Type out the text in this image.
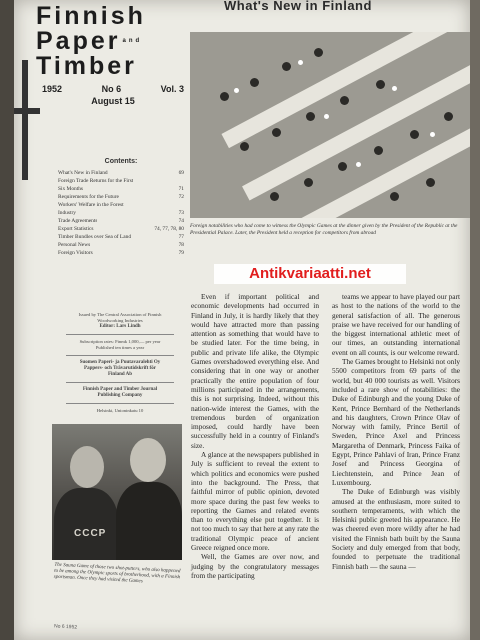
Finnish
Paper $^{and}$
Timber
1952	No 6	Vol. 3
August 15
Contents:
What's New in Finland	69
Foreign Trade Returns for the First
Six Months	71
Requirements for the Future	72
Workers' Welfare in the Forest
Industry	73
Trade Agreements	74
Export Statistics	74, 77, 78, 80
Timber Bundles over Sea of Land	77
Personal News	78
Foreign Visitors	79
Issued by The Central Association of Finnish
Woodworking Industries
Editor: Lars Lindh
Subscription rates: Finmk 1,000,— per year
Published ten times a year
Suomen Paperi- ja Puutavaralehti Oy
Pappers- och Trävarutidskrift för
Finland Ab
Finnish Paper and Timber Journal
Publishing Company
Helsinki, Unioninkatu 10
CCCP
The Sauna Game of those two shot-putters, who also happened to be among the Olympic sports of brotherhood, with a Finnish sportsman. Once they had visited the Games
No 6 1952
What's New in Finland
Foreign notabilities who had come to witness the Olympic Games at the dinner given by the President of the Republic at the Presidential Palace. Later, the President held a reception for competitors from abroad

Even if important political and economic developments had occurred in Finland in July, it is hardly likely that they would have attracted more than passing attention as something that would have to be studied later. For the time being, in public and private life alike, the Olympic Games overshadowed everything else. And considering that in one way or another practically the entire population of four millions participated in the arrangements, this is not surprising. Indeed, without this nation-wide interest the Games, with the tremendous burden of organization imposed, could hardly have been successfully held in a country of Finland's size.

A glance at the newspapers published in July is sufficient to reveal the extent to which politics and economics were pushed into the background. The Press, that faithful mirror of public opinion, devoted more space during the past few weeks to reporting the Games and related events than to everything else put together. It is not too much to say that here at any rate the traditional Olympic peace of ancient Greece reigned once more.

Well, the Games are over now, and judging by the congratulatory messages from the participating

teams we appear to have played our part as host to the nations of the world to the general satisfaction of all. The generous praise we have received for our handling of the biggest international athletic meet of our times, an outstanding international event on all counts, is our welcome reward.

The Games brought to Helsinki not only 5500 competitors from 69 parts of the world, but 40 000 tourists as well. Visitors included a rare show of notabilities: the Duke of Edinburgh and the young Duke of Kent, Prince Bernhard of the Netherlands and his daughters, Crown Prince Olav of Norway with family, Prince Bertil of Sweden, Prince Axel and Princess Margaretha of Denmark, Princess Faika of Egypt, Prince Pahlavi of Iran, Prince Franz Josef and Princess Georgina of Liechtenstein, and Prince Jean of Luxembourg.

The Duke of Edinburgh was visibly amused at the enthusiasm, more suited to southern temperaments, with which the Helsinki public greeted his appearance. He was cheered even more wildly after he had visited the Finnish bath built by the Sauna Society and duly emerged from that body, founded to perpetuate the traditional Finnish bath — the sauna —

Antikvariaatti.net
